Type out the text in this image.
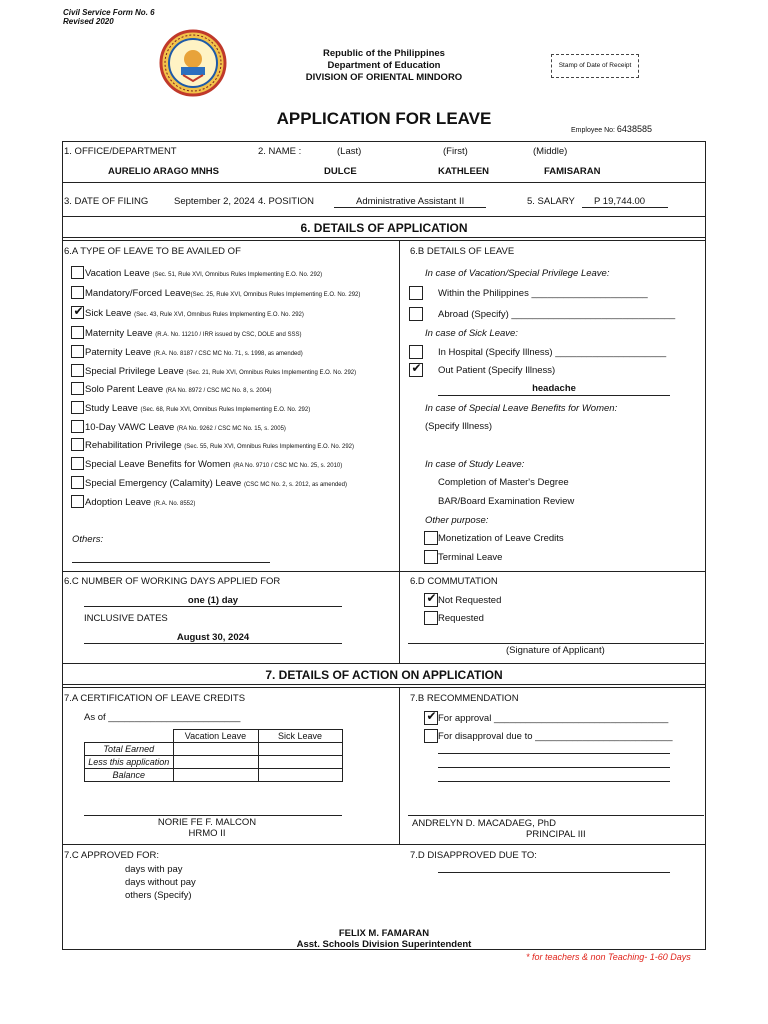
Civil Service Form No. 6
Revised 2020
Republic of the Philippines
Department of Education
DIVISION OF ORIENTAL MINDORO
Stamp of Date of Receipt
APPLICATION FOR LEAVE
Employee No: 6438585
1. OFFICE/DEPARTMENT	2. NAME :	(Last)	(First)	(Middle)
AURELIO ARAGO MNHS	DULCE	KATHLEEN	FAMISARAN
3. DATE OF FILING	September 2, 2024 4. POSITION	Administrative Assistant II	5. SALARY P 19,744.00
6. DETAILS OF APPLICATION
6.A TYPE OF LEAVE TO BE AVAILED OF
Vacation Leave (Sec. 51, Rule XVI, Omnibus Rules Implementing E.O. No. 292)
Mandatory/Forced Leave(Sec. 25, Rule XVI, Omnibus Rules Implementing E.O. No. 292)
✔ Sick Leave (Sec. 43, Rule XVI, Omnibus Rules Implementing E.O. No. 292)
Maternity Leave (R.A. No. 11210 / IRR issued by CSC, DOLE and SSS)
Paternity Leave (R.A. No. 8187 / CSC MC No. 71, s. 1998, as amended)
Special Privilege Leave (Sec. 21, Rule XVI, Omnibus Rules Implementing E.O. No. 292)
Solo Parent Leave (RA No. 8972 / CSC MC No. 8, s. 2004)
Study Leave (Sec. 68, Rule XVI, Omnibus Rules Implementing E.O. No. 292)
10-Day VAWC Leave (RA No. 9262 / CSC MC No. 15, s. 2005)
Rehabilitation Privilege (Sec. 55, Rule XVI, Omnibus Rules Implementing E.O. No. 292)
Special Leave Benefits for Women (RA No. 9710 / CSC MC No. 25, s. 2010)
Special Emergency (Calamity) Leave (CSC MC No. 2, s. 2012, as amended)
Adoption Leave (R.A. No. 8552)
Others:
6.B DETAILS OF LEAVE
In case of Vacation/Special Privilege Leave:
Within the Philippines ______________________
Abroad (Specify) _______________________________
In case of Sick Leave:
In Hospital (Specify Illness) _____________________
✔ Out Patient (Specify Illness)
headache
In case of Special Leave Benefits for Women:
(Specify Illness)
In case of Study Leave:
Completion of Master's Degree
BAR/Board Examination Review
Other purpose:
Monetization of Leave Credits
Terminal Leave
6.C NUMBER OF WORKING DAYS APPLIED FOR
one (1) day
INCLUSIVE DATES
August 30, 2024
6.D COMMUTATION
✔ Not Requested
Requested
(Signature of Applicant)
7. DETAILS OF ACTION ON APPLICATION
7.A CERTIFICATION OF LEAVE CREDITS
As of _________________________
	Vacation Leave	Sick Leave
Total Earned		
Less this application		
Balance		
NORIE FE F. MALCON
HRMO II
7.B RECOMMENDATION
✔ For approval _________________________________
For disapproval due to __________________________
ANDRELYN D. MACADAEG, PhD
PRINCIPAL III
7.C APPROVED FOR:
days with pay
days without pay
others (Specify)
7.D DISAPPROVED DUE TO:
FELIX M. FAMARAN
Asst. Schools Division Superintendent
* for teachers & non Teaching- 1-60 Days
